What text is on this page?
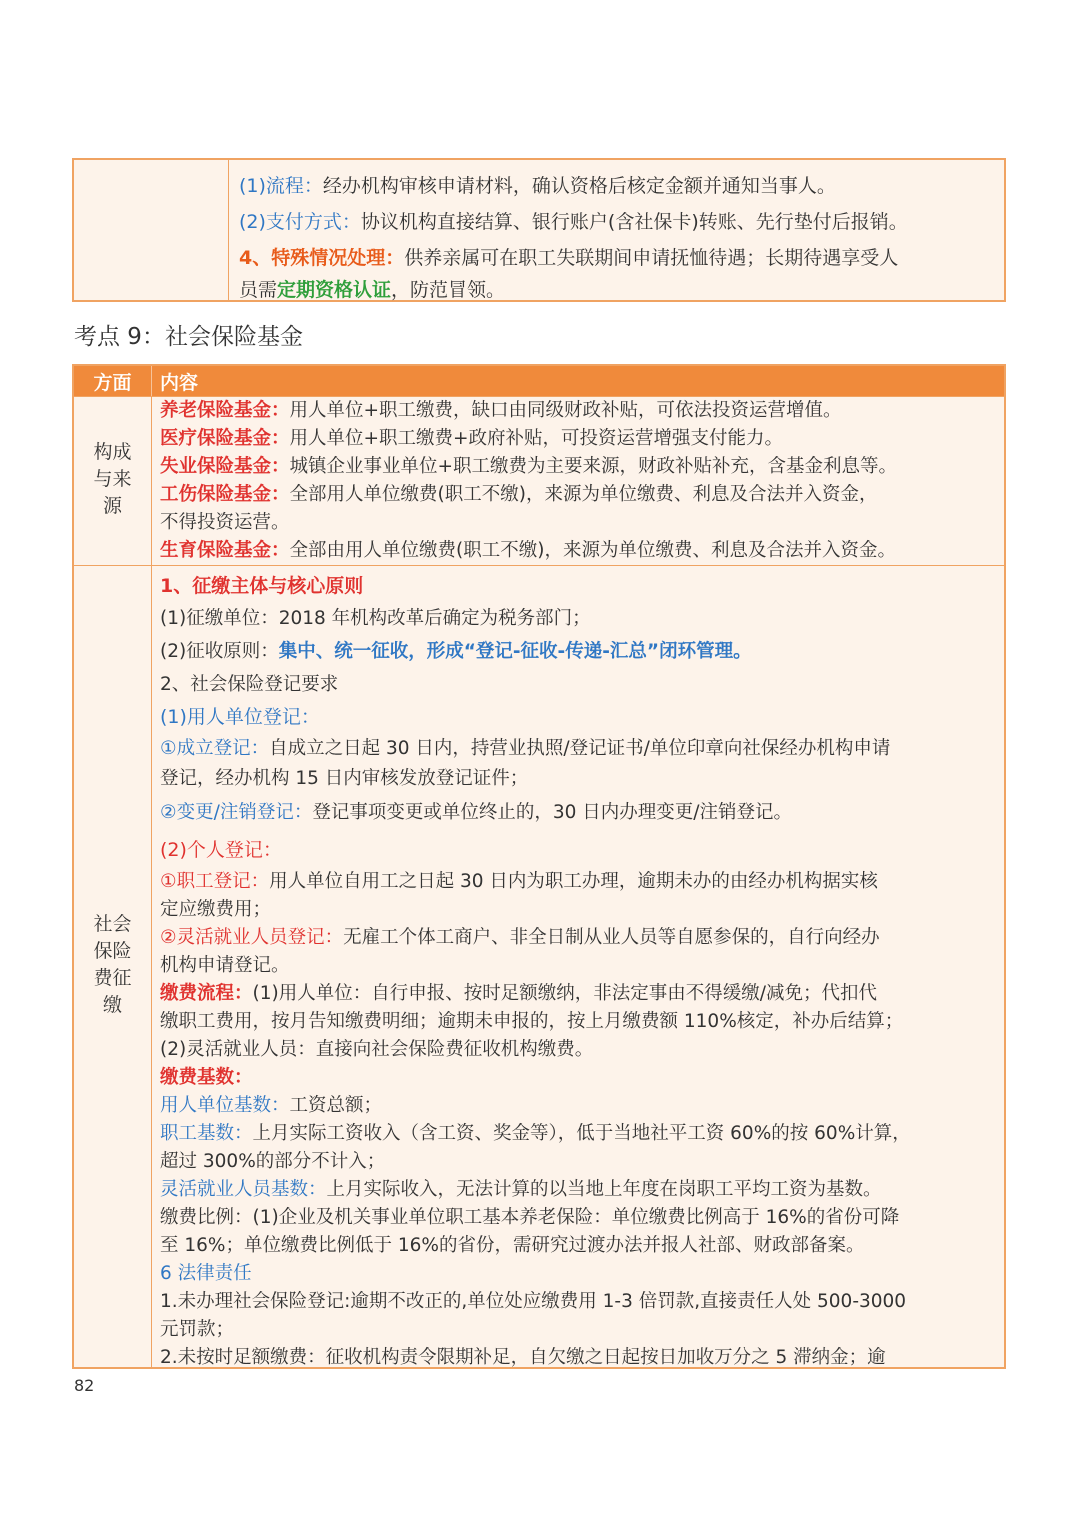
(1)流程：经办机构审核申请材料，确认资格后核定金额并通知当事人。
(2)支付方式：协议机构直接结算、银行账户(含社保卡)转账、先行垫付后报销。
4、特殊情况处理：供养亲属可在职工失联期间申请抚恤待遇；长期待遇享受人
员需定期资格认证，防范冒领。
考点 9：社会保险基金
方面 内容
构成与来源
养老保险基金：用人单位+职工缴费，缺口由同级财政补贴，可依法投资运营增值。
医疗保险基金：用人单位+职工缴费+政府补贴，可投资运营增强支付能力。
失业保险基金：城镇企业事业单位+职工缴费为主要来源，财政补贴补充，含基金利息等。
工伤保险基金：全部用人单位缴费(职工不缴)，来源为单位缴费、利息及合法并入资金，
不得投资运营。
生育保险基金：全部由用人单位缴费(职工不缴)，来源为单位缴费、利息及合法并入资金。
社会保险费征缴
1、征缴主体与核心原则
(1)征缴单位：2018 年机构改革后确定为税务部门；
(2)征收原则：集中、统一征收，形成“登记-征收-传递-汇总”闭环管理。
2、社会保险登记要求
(1)用人单位登记：
①成立登记：自成立之日起 30 日内，持营业执照/登记证书/单位印章向社保经办机构申请
登记，经办机构 15 日内审核发放登记证件；
②变更/注销登记：登记事项变更或单位终止的，30 日内办理变更/注销登记。
(2)个人登记：
①职工登记：用人单位自用工之日起 30 日内为职工办理，逾期未办的由经办机构据实核
定应缴费用；
②灵活就业人员登记：无雇工个体工商户、非全日制从业人员等自愿参保的，自行向经办
机构申请登记。
缴费流程：(1)用人单位：自行申报、按时足额缴纳，非法定事由不得缓缴/减免；代扣代
缴职工费用，按月告知缴费明细；逾期未申报的，按上月缴费额 110%核定，补办后结算；
(2)灵活就业人员：直接向社会保险费征收机构缴费。
缴费基数：
用人单位基数：工资总额；
职工基数：上月实际工资收入（含工资、奖金等），低于当地社平工资 60%的按 60%计算，
超过 300%的部分不计入；
灵活就业人员基数：上月实际收入，无法计算的以当地上年度在岗职工平均工资为基数。
缴费比例：(1)企业及机关事业单位职工基本养老保险：单位缴费比例高于 16%的省份可降
至 16%；单位缴费比例低于 16%的省份，需研究过渡办法并报人社部、财政部备案。
6 法律责任
1.未办理社会保险登记:逾期不改正的,单位处应缴费用 1-3 倍罚款,直接责任人处 500-3000
元罚款；
2.未按时足额缴费：征收机构责令限期补足，自欠缴之日起按日加收万分之 5 滞纳金；逾
82
